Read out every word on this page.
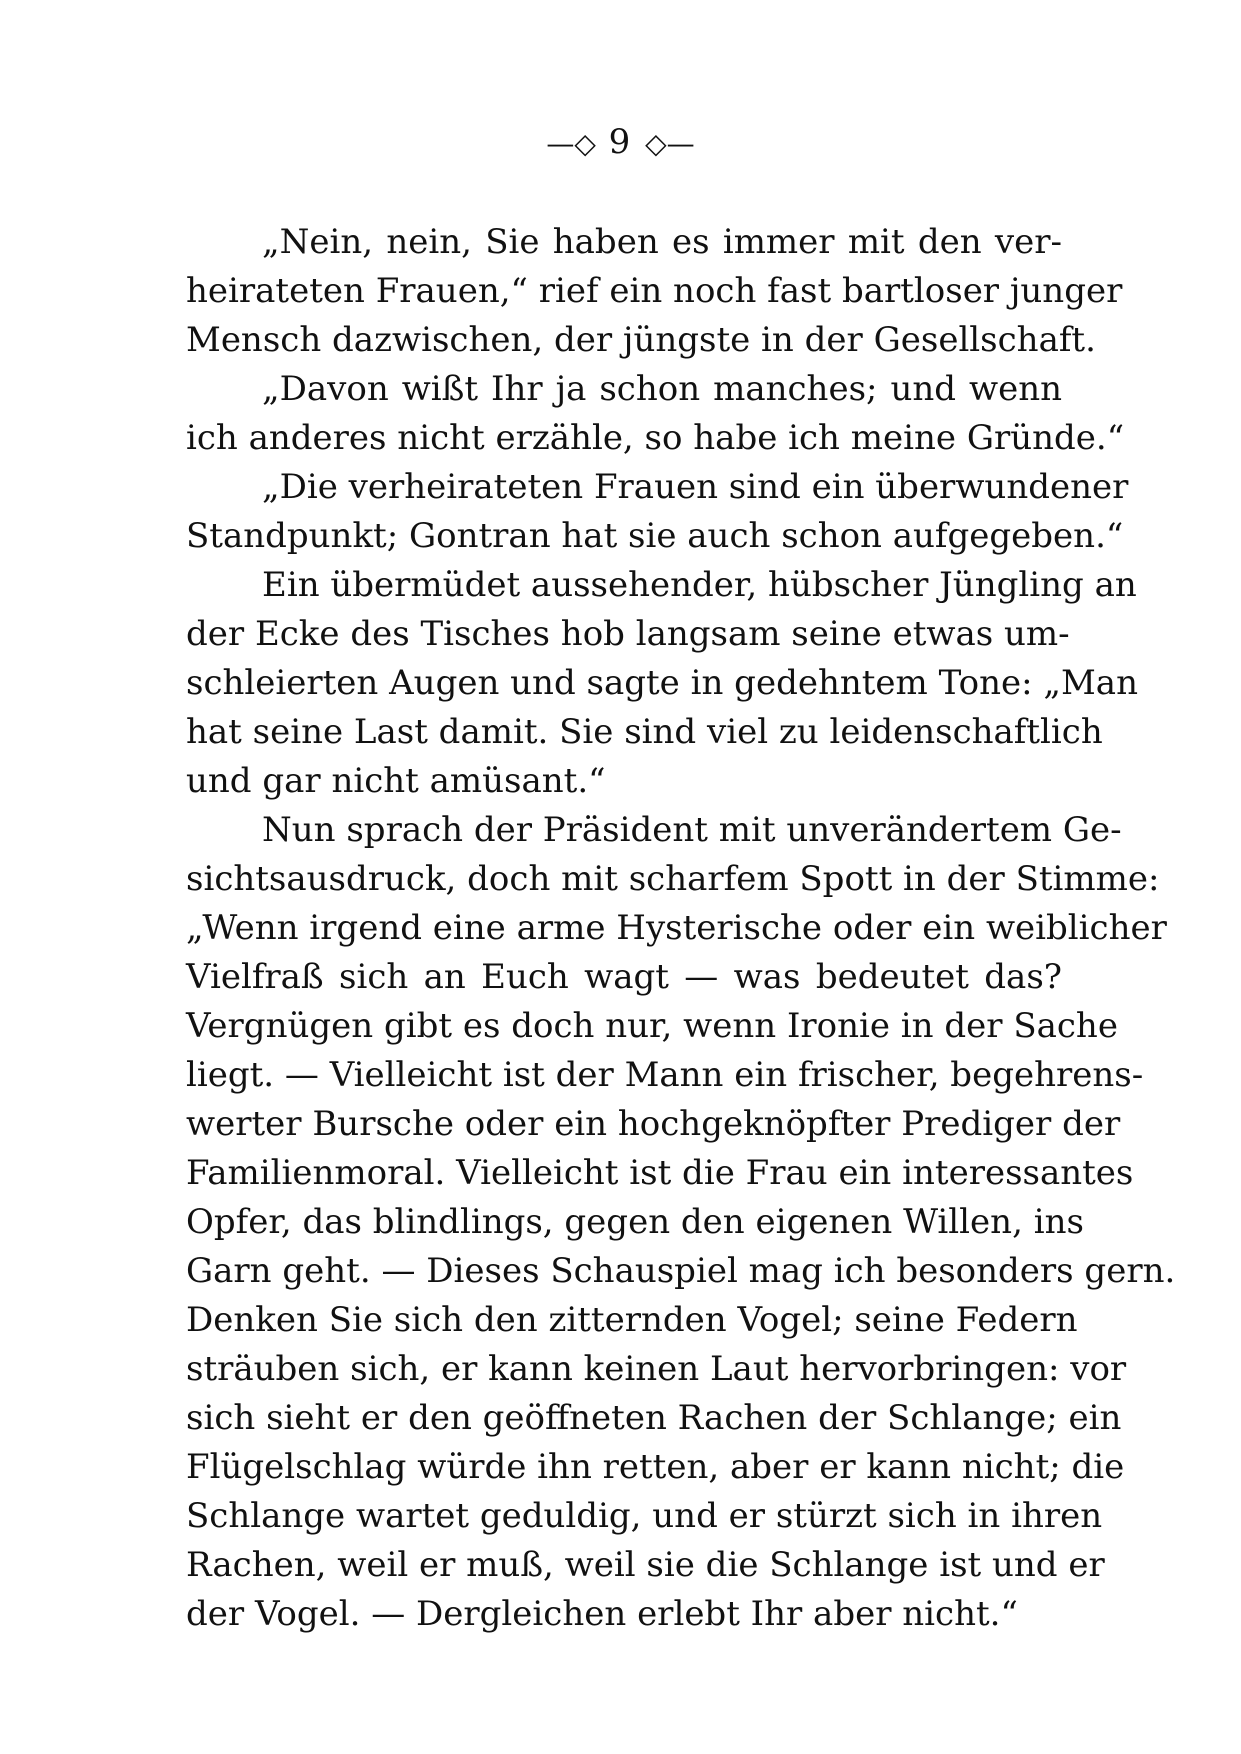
—◇ 9 ◇—
„Nein, nein, Sie haben es immer mit den ver-
heirateten Frauen,“ rief ein noch fast bartloser junger
Mensch dazwischen, der jüngste in der Gesellschaft.
„Davon wißt Ihr ja schon manches; und wenn
ich anderes nicht erzähle, so habe ich meine Gründe.“
„Die verheirateten Frauen sind ein überwundener
Standpunkt; Gontran hat sie auch schon aufgegeben.“
Ein übermüdet aussehender, hübscher Jüngling an
der Ecke des Tisches hob langsam seine etwas um-
schleierten Augen und sagte in gedehntem Tone: „Man
hat seine Last damit. Sie sind viel zu leidenschaftlich
und gar nicht amüsant.“
Nun sprach der Präsident mit unverändertem Ge-
sichtsausdruck, doch mit scharfem Spott in der Stimme:
„Wenn irgend eine arme Hysterische oder ein weiblicher
Vielfraß sich an Euch wagt — was bedeutet das?
Vergnügen gibt es doch nur, wenn Ironie in der Sache
liegt. — Vielleicht ist der Mann ein frischer, begehrens-
werter Bursche oder ein hochgeknöpfter Prediger der
Familienmoral. Vielleicht ist die Frau ein interessantes
Opfer, das blindlings, gegen den eigenen Willen, ins
Garn geht. — Dieses Schauspiel mag ich besonders gern.
Denken Sie sich den zitternden Vogel; seine Federn
sträuben sich, er kann keinen Laut hervorbringen: vor
sich sieht er den geöffneten Rachen der Schlange; ein
Flügelschlag würde ihn retten, aber er kann nicht; die
Schlange wartet geduldig, und er stürzt sich in ihren
Rachen, weil er muß, weil sie die Schlange ist und er
der Vogel. — Dergleichen erlebt Ihr aber nicht.“
